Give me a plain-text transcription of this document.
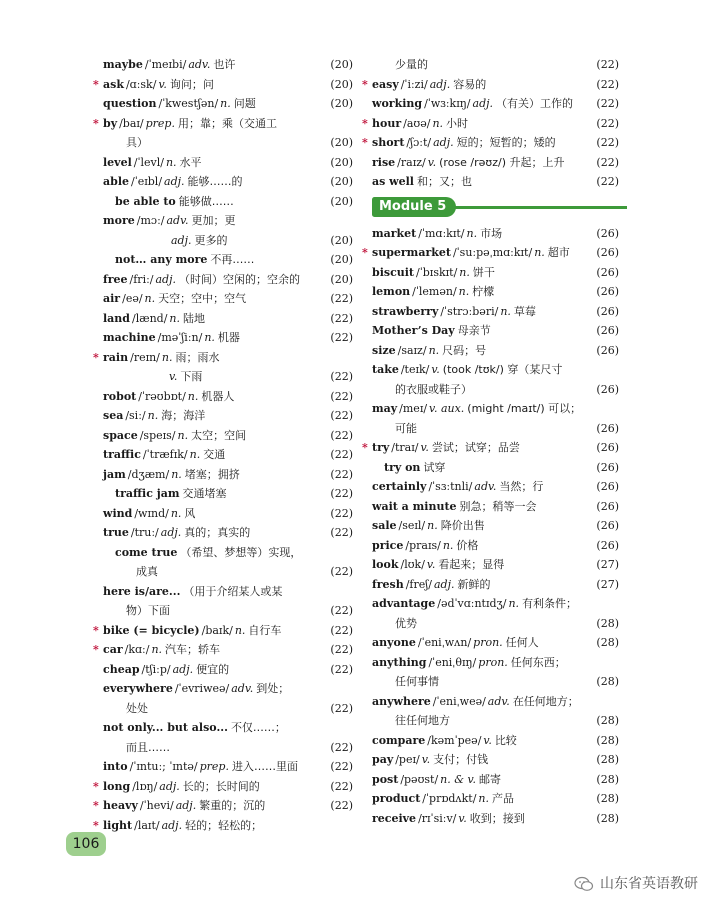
maybe /ˈmeɪbi/ adv. 也许	(20)
* ask /ɑːsk/ v. 询问；问	(20)
question /ˈkwestʃən/ n. 问题	(20)
* by /baɪ/ prep. 用；靠；乘（交通工
具）	(20)
level /ˈlevl/ n. 水平	(20)
able /ˈeɪbl/ adj. 能够……的	(20)
be able to 能够做……	(20)
more /mɔː/ adv. 更加；更
adj. 更多的	(20)
not… any more 不再……	(20)
free /friː/ adj. （时间）空闲的；空余的	(20)
air /eə/ n. 天空；空中；空气	(22)
land /lænd/ n. 陆地	(22)
machine /məˈʃiːn/ n. 机器	(22)
* rain /reɪn/ n. 雨；雨水
v. 下雨	(22)
robot /ˈrəʊbɒt/ n. 机器人	(22)
sea /siː/ n. 海；海洋	(22)
space /speɪs/ n. 太空；空间	(22)
traffic /ˈtræfɪk/ n. 交通	(22)
jam /dʒæm/ n. 堵塞；拥挤	(22)
traffic jam 交通堵塞	(22)
wind /wɪnd/ n. 风	(22)
true /truː/ adj. 真的；真实的	(22)
come true （希望、梦想等）实现，
成真	(22)
here is/are... （用于介绍某人或某
物）下面	(22)
* bike (= bicycle) /baɪk/ n. 自行车	(22)
* car /kɑː/ n. 汽车；轿车	(22)
cheap /tʃiːp/ adj. 便宜的	(22)
everywhere /ˈevriweə/ adv. 到处；
处处	(22)
not only... but also... 不仅……；
而且……	(22)
into /ˈɪntuː; ˈɪntə/ prep. 进入……里面	(22)
* long /lɒŋ/ adj. 长的；长时间的	(22)
* heavy /ˈhevi/ adj. 繁重的；沉的	(22)
* light /laɪt/ adj. 轻的；轻松的；
少量的	(22)
* easy /ˈiːzi/ adj. 容易的	(22)
working /ˈwɜːkɪŋ/ adj. （有关）工作的 (22)
* hour /aʊə/ n. 小时	(22)
* short /ʃɔːt/ adj. 短的；短暂的；矮的	(22)
rise /raɪz/ v. (rose /rəʊz/) 升起；上升	(22)
as well 和；又；也	(22)
Module 5
market /ˈmɑːkɪt/ n. 市场	(26)
* supermarket /ˈsuːpəˌmɑːkɪt/ n. 超市 (26)
biscuit /ˈbɪskɪt/ n. 饼干	(26)
lemon /ˈlemən/ n. 柠檬	(26)
strawberry /ˈstrɔːbəri/ n. 草莓	(26)
Mother’s Day 母亲节	(26)
size /saɪz/ n. 尺码；号	(26)
take /teɪk/ v. (took /tʊk/) 穿（某尺寸
的衣服或鞋子）	(26)
may /meɪ/ v. aux. (might /maɪt/) 可以；
可能	(26)
* try /traɪ/ v. 尝试；试穿；品尝	(26)
try on 试穿	(26)
certainly /ˈsɜːtnli/ adv. 当然；行	(26)
wait a minute 别急；稍等一会	(26)
sale /seɪl/ n. 降价出售	(26)
price /praɪs/ n. 价格	(26)
look /lʊk/ v. 看起来；显得	(27)
fresh /freʃ/ adj. 新鲜的	(27)
advantage /ədˈvɑːntɪdʒ/ n. 有利条件；
优势	(28)
anyone /ˈeniˌwʌn/ pron. 任何人	(28)
anything /ˈeniˌθɪŋ/ pron. 任何东西；
任何事情	(28)
anywhere /ˈeniˌweə/ adv. 在任何地方；
往任何地方	(28)
compare /kəmˈpeə/ v. 比较	(28)
pay /peɪ/ v. 支付；付钱	(28)
post /pəʊst/ n. & v. 邮寄	(28)
product /ˈprɒdʌkt/ n. 产品	(28)
receive /rɪˈsiːv/ v. 收到；接到	(28)
106
山东省英语教研
